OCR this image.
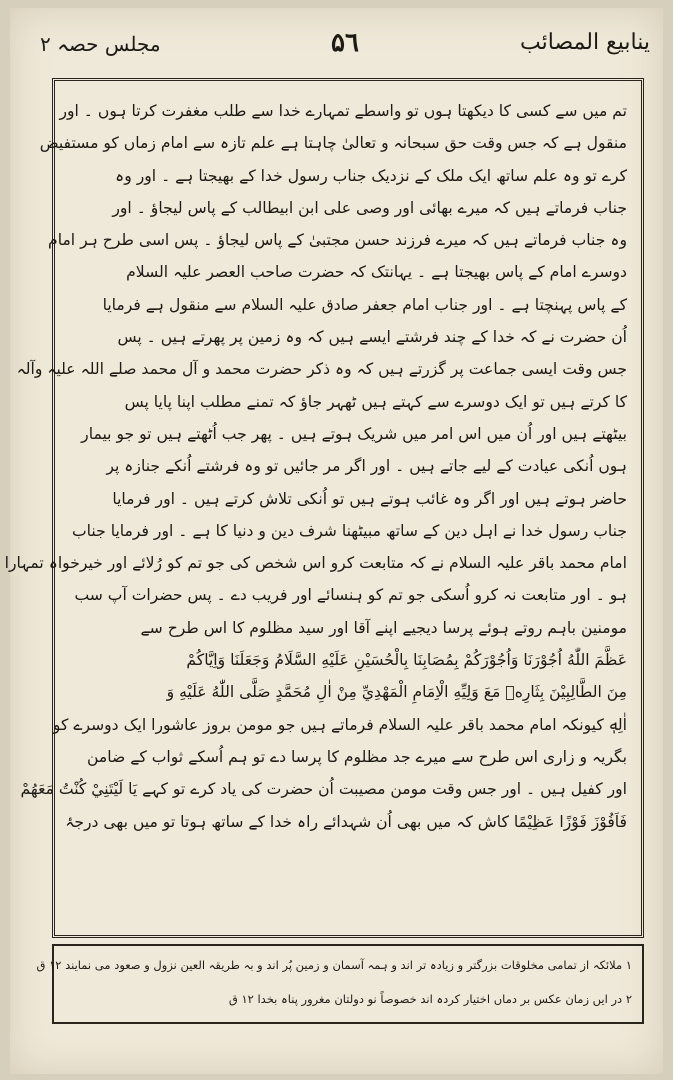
ینابیع المصائب
۵٦
مجلس حصہ ۲
تم میں سے کسی کا دیکھتا ہوں تو واسطے تمہارے خدا سے طلب مغفرت کرتا ہوں ۔ اور
منقول ہے کہ جس وقت حق سبحانہ و تعالیٰ چاہتا ہے علم تازہ سے امام زماں کو مستفیض
کرے تو وہ علم ساتھ ایک ملک کے نزدیک جناب رسول خدا کے بھیجتا ہے ۔ اور وہ
جناب فرماتے ہیں کہ میرے بھائی اور وصی علی ابن ابیطالب کے پاس لیجاؤ ۔ اور
وہ جناب فرماتے ہیں کہ میرے فرزند حسن مجتبیٰ کے پاس لیجاؤ ۔ پس اسی طرح ہر امام
دوسرے امام کے پاس بھیجتا ہے ۔ یہانتک کہ حضرت صاحب العصر علیہ السلام
کے پاس پہنچتا ہے ۔ اور جناب امام جعفر صادق علیہ السلام سے منقول ہے فرمایا
اُن حضرت نے کہ خدا کے چند فرشتے ایسے ہیں کہ وہ زمین پر پھرتے ہیں ۔ پس
جس وقت ایسی جماعت پر گزرتے ہیں کہ وہ ذکر حضرت محمد و آل محمد صلے اللہ علیہ وآلہ
کا کرتے ہیں تو ایک دوسرے سے کہتے ہیں ٹھہر جاؤ کہ تمنے مطلب اپنا پایا پس
بیٹھتے ہیں اور اُن میں اس امر میں شریک ہوتے ہیں ۔ پھر جب اُٹھتے ہیں تو جو بیمار
ہوں اُنکی عیادت کے لیے جاتے ہیں ۔ اور اگر مر جائیں تو وہ فرشتے اُنکے جنازہ پر
حاضر ہوتے ہیں اور اگر وہ غائب ہوتے ہیں تو اُنکی تلاش کرتے ہیں ۔ اور فرمایا
جناب رسول خدا نے اہل دین کے ساتھ مبیٹھنا شرف دین و دنیا کا ہے ۔ اور فرمایا جناب
امام محمد باقر علیہ السلام نے کہ متابعت کرو اس شخص کی جو تم کو رُلائے اور خیرخواہ تمہارا
ہو ۔ اور متابعت نہ کرو اُسکی جو تم کو ہنسائے اور فریب دے ۔ پس حضرات آپ سب
مومنین باہم روتے ہوئے پرسا دیجیے اپنے آقا اور سید مظلوم کا اس طرح سے
عَظَّمَ اللّٰهُ اُجُوْرَنَا وَاُجُوْرَكُمْ بِمُصَابِنَا بِالْحُسَيْنِ عَلَيْهِ السَّلَامُ وَجَعَلَنَا وَاِيَّاكُمْ
مِنَ الطَّالِبِيْنَ بِثَارِهٖ مَعَ وَلِيِّهِ الْاِمَامِ الْمَهْدِيِّ مِنْ اٰلِ مُحَمَّدٍ صَلَّى اللّٰهُ عَلَيْهِ وَ
اٰلِهٖ کیونکہ امام محمد باقر علیہ السلام فرماتے ہیں جو مومن بروز عاشورا ایک دوسرے کو
بگریہ و زاری اس طرح سے میرے جد مظلوم کا پرسا دے تو ہم اُسکے ثواب کے ضامن
اور کفیل ہیں ۔ اور جس وقت مومن مصیبت اُن حضرت کی یاد کرے تو کہے يَا لَيْتَنِيْ كُنْتُ مَعَهُمْ
فَاَفُوْزَ فَوْزًا عَظِيْمًا کاش کہ میں بھی اُن شہدائے راہ خدا کے ساتھ ہوتا تو میں بھی درجۂ
۱ ملائکہ از تمامی مخلوقات بزرگتر و زیادہ تر اند و ہمہ آسمان و زمین پُر اند و بہ طریقہ العین نزول و صعود می نمایند ۱۲ ق
۲ در ایں زمان عکس بر دماں اختیار کردہ اند خصوصاً نو دولتان مغرور پناہ بخدا ۱۲ ق
